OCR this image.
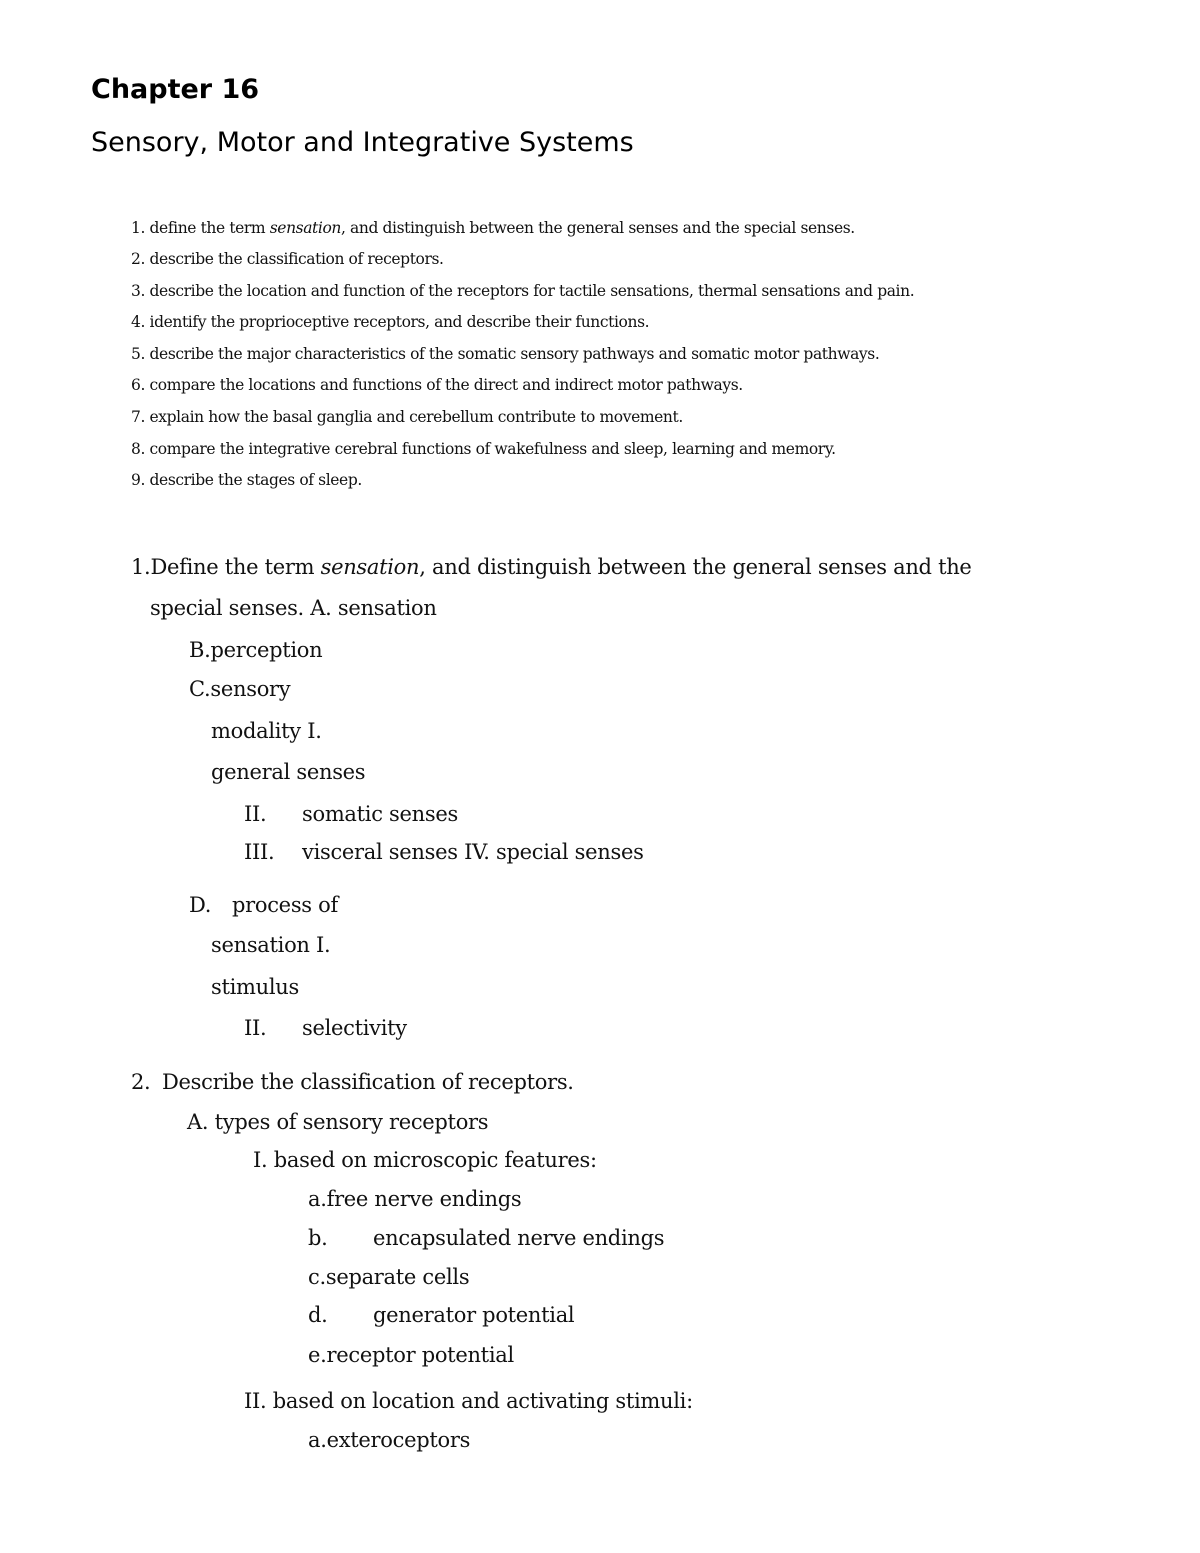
Chapter 16
Sensory, Motor and Integrative Systems
1. define the term sensation, and distinguish between the general senses and the special senses.
2. describe the classification of receptors.
3. describe the location and function of the receptors for tactile sensations, thermal sensations and pain.
4. identify the proprioceptive receptors, and describe their functions.
5. describe the major characteristics of the somatic sensory pathways and somatic motor pathways.
6. compare the locations and functions of the direct and indirect motor pathways.
7. explain how the basal ganglia and cerebellum contribute to movement.
8. compare the integrative cerebral functions of wakefulness and sleep, learning and memory.
9. describe the stages of sleep.
1.Define the term sensation, and distinguish between the general senses and the
special senses. A. sensation
B.perception
C.sensory
modality I.
general senses
II. somatic senses
III. visceral senses IV. special senses
D. process of
sensation I.
stimulus
II. selectivity
2. Describe the classification of receptors.
A. types of sensory receptors
I. based on microscopic features:
a.free nerve endings
b. encapsulated nerve endings
c.separate cells
d. generator potential
e.receptor potential
II. based on location and activating stimuli:
a.exteroceptors
